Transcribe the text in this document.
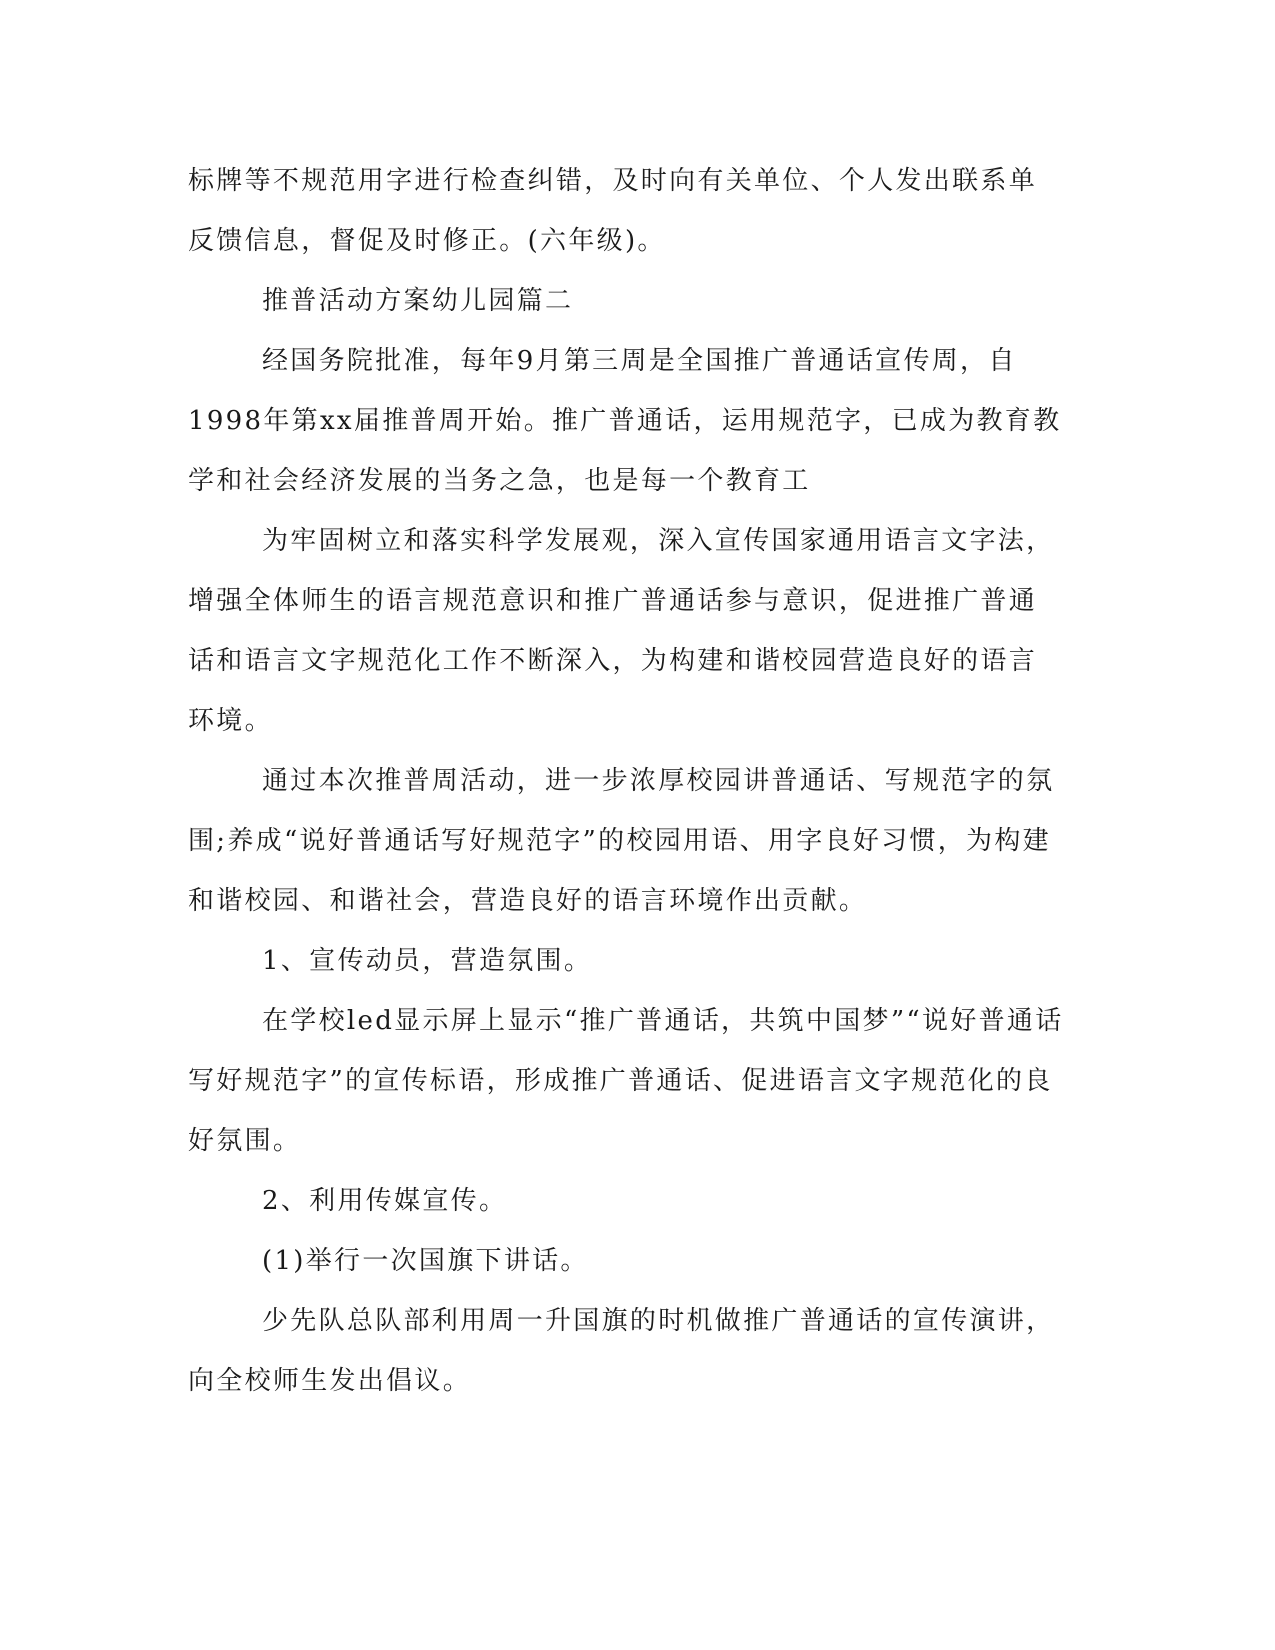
标牌等不规范用字进行检查纠错，及时向有关单位、个人发出联系单
反馈信息，督促及时修正。(六年级)。
推普活动方案幼儿园篇二
经国务院批准，每年9月第三周是全国推广普通话宣传周，自
1998年第xx届推普周开始。推广普通话，运用规范字，已成为教育教
学和社会经济发展的当务之急，也是每一个教育工
为牢固树立和落实科学发展观，深入宣传国家通用语言文字法，
增强全体师生的语言规范意识和推广普通话参与意识，促进推广普通
话和语言文字规范化工作不断深入，为构建和谐校园营造良好的语言
环境。
通过本次推普周活动，进一步浓厚校园讲普通话、写规范字的氛
围;养成“说好普通话写好规范字”的校园用语、用字良好习惯，为构建
和谐校园、和谐社会，营造良好的语言环境作出贡献。
1、宣传动员，营造氛围。
在学校led显示屏上显示“推广普通话，共筑中国梦”“说好普通话
写好规范字”的宣传标语，形成推广普通话、促进语言文字规范化的良
好氛围。
2、利用传媒宣传。
(1)举行一次国旗下讲话。
少先队总队部利用周一升国旗的时机做推广普通话的宣传演讲，
向全校师生发出倡议。
